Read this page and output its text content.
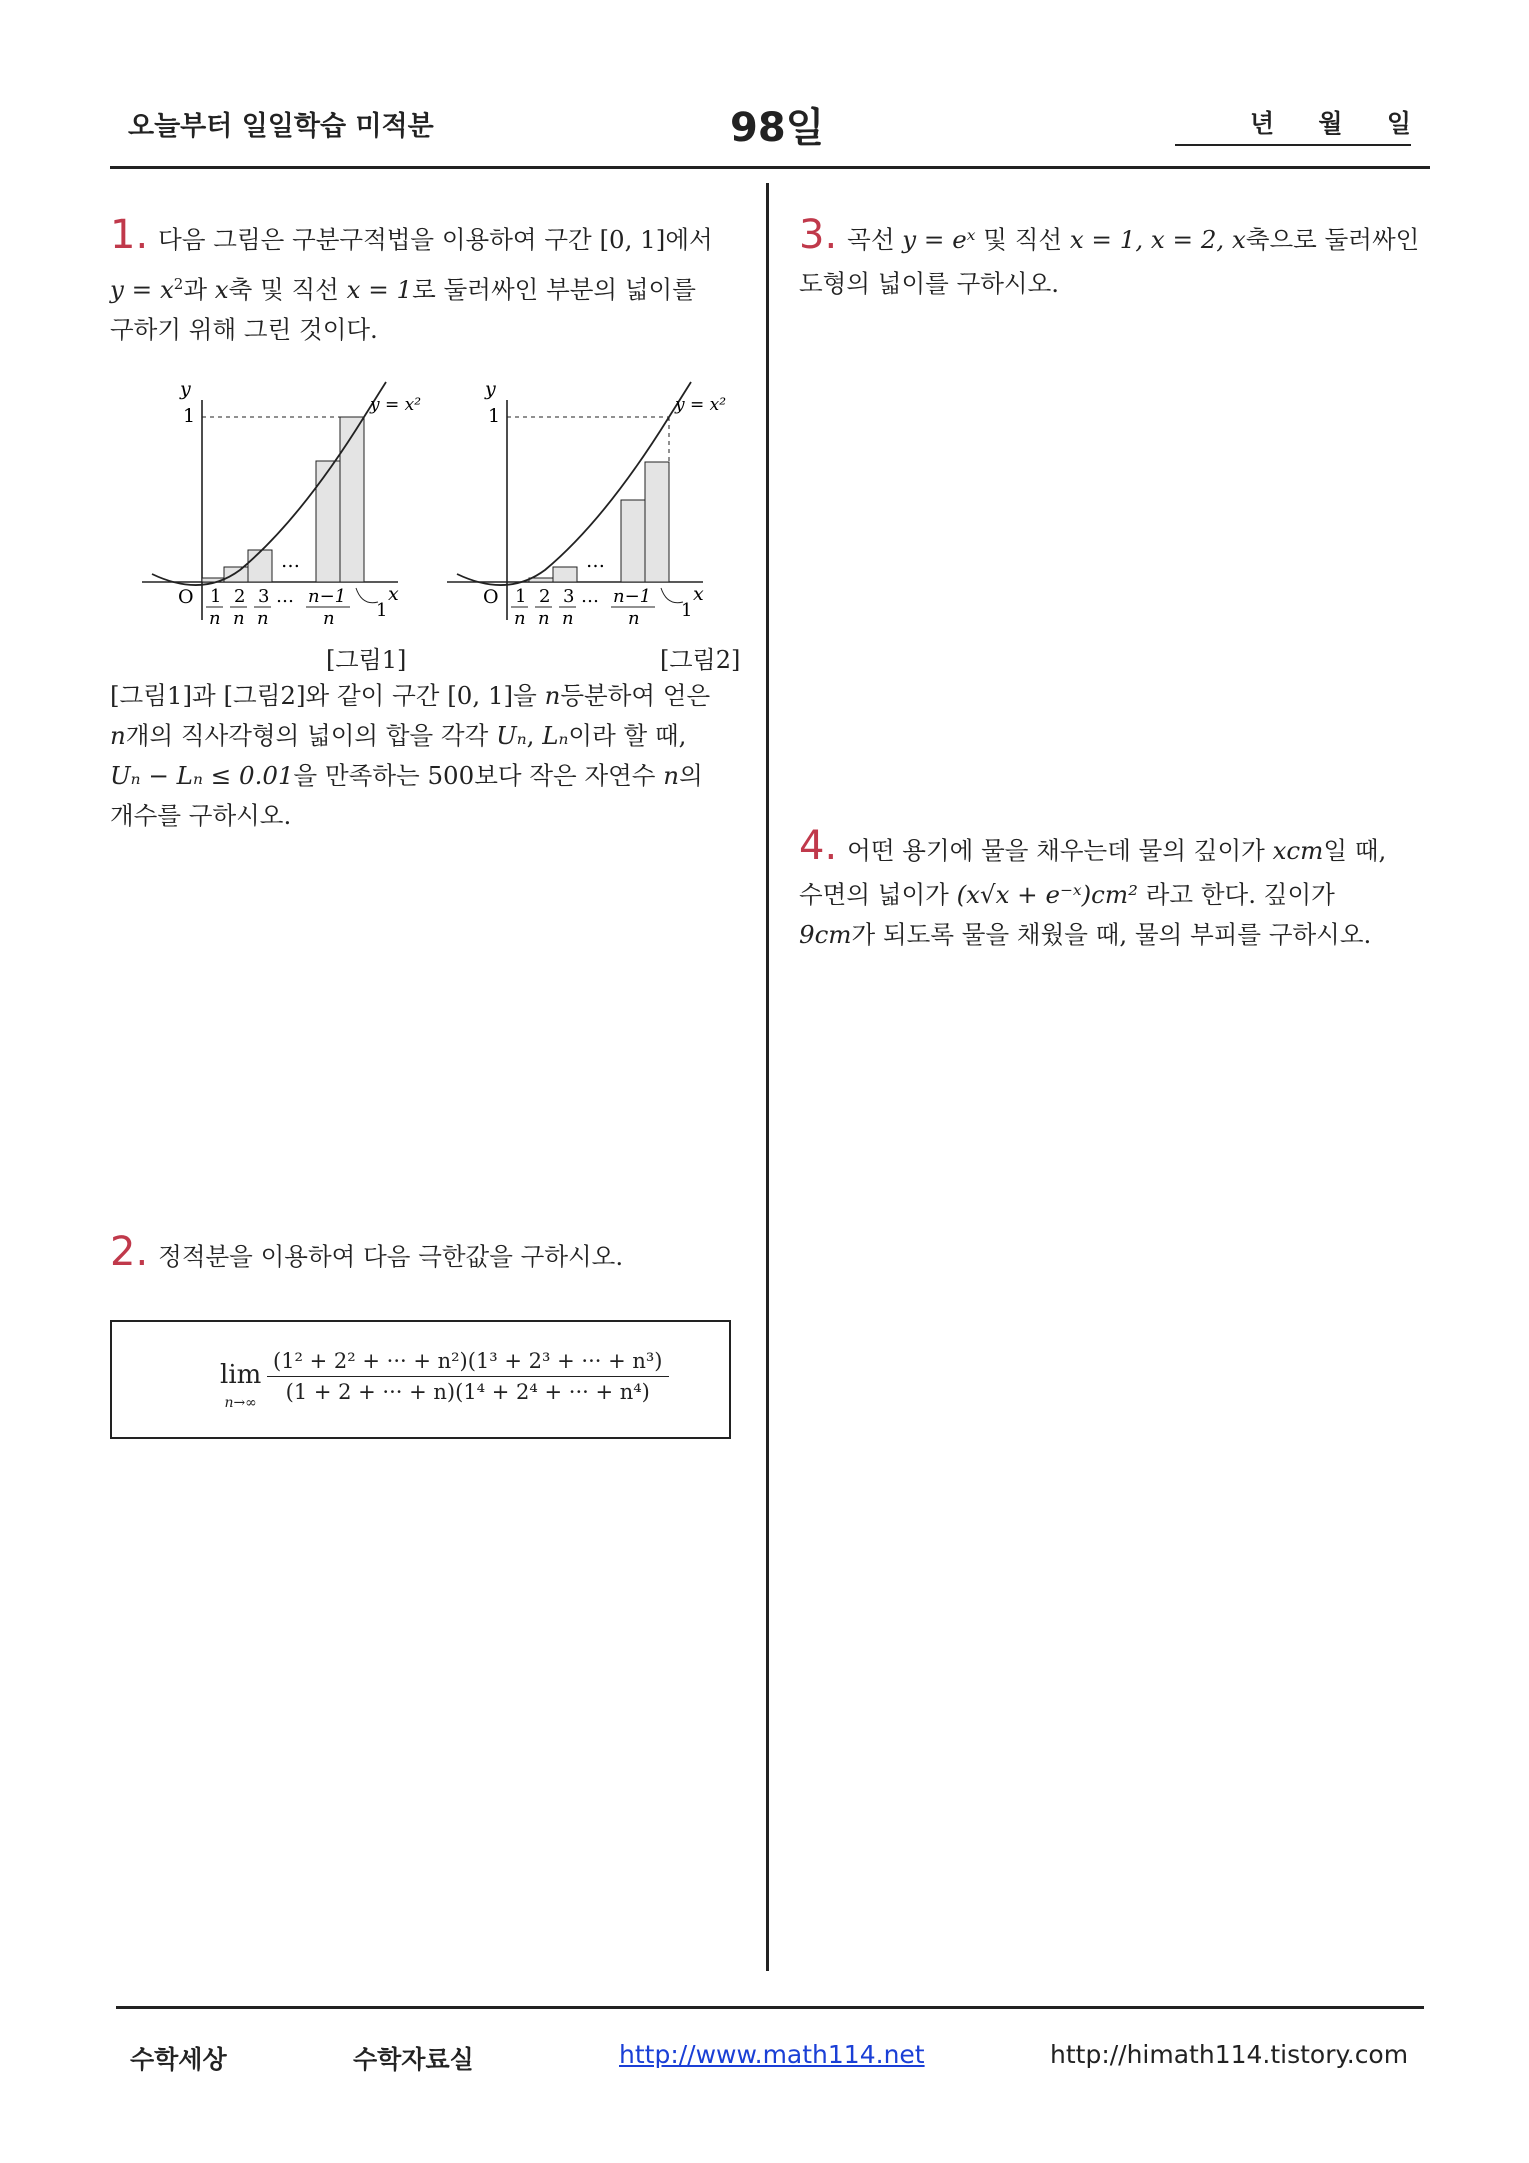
오늘부터 일일학습 미적분	98일	년 월 일

1. 다음 그림은 구분구적법을 이용하여 구간 [0, 1]에서

$y = x^2$과 x축 및 직선 x = 1로 둘러싸인 부분의 넓이를

구하기 위해 그린 것이다.

y
x
1
O
…
y = x²
1
n
2
n
3
n
… n−1
n 1
y
x
1
O
…
y = x²
1
n
2
n
3
n
… n−1
n 1
[그림1]	[그림2]

[그림1]과 [그림2]와 같이 구간 [0, 1]을 n등분하여 얻은

n개의 직사각형의 넓이의 합을 각각 Uₙ, Lₙ이라 할 때,

Uₙ − Lₙ ≤ 0.01을 만족하는 500보다 작은 자연수 n의

개수를 구하시오.

2. 정적분을 이용하여 다음 극한값을 구하시오.

lim
$n\to\infty \frac{\text{(1² + 2² + ··· + n²)(1³ + 2³ + ··· + n³)}}{\text{(1 + 2 + ··· + n)(1⁴ + 2⁴ + ··· + n⁴)}}$

3. 곡선 y = eˣ 및 직선 x = 1, x = 2, x축으로 둘러싸인

도형의 넓이를 구하시오.

4. 어떤 용기에 물을 채우는데 물의 깊이가 xcm일 때,

수면의 넓이가 (x√x + e⁻ˣ)cm² 라고 한다. 깊이가

9cm가 되도록 물을 채웠을 때, 물의 부피를 구하시오.

수학세상	수학자료실	http://www.math114.net	http://himath114.tistory.com
